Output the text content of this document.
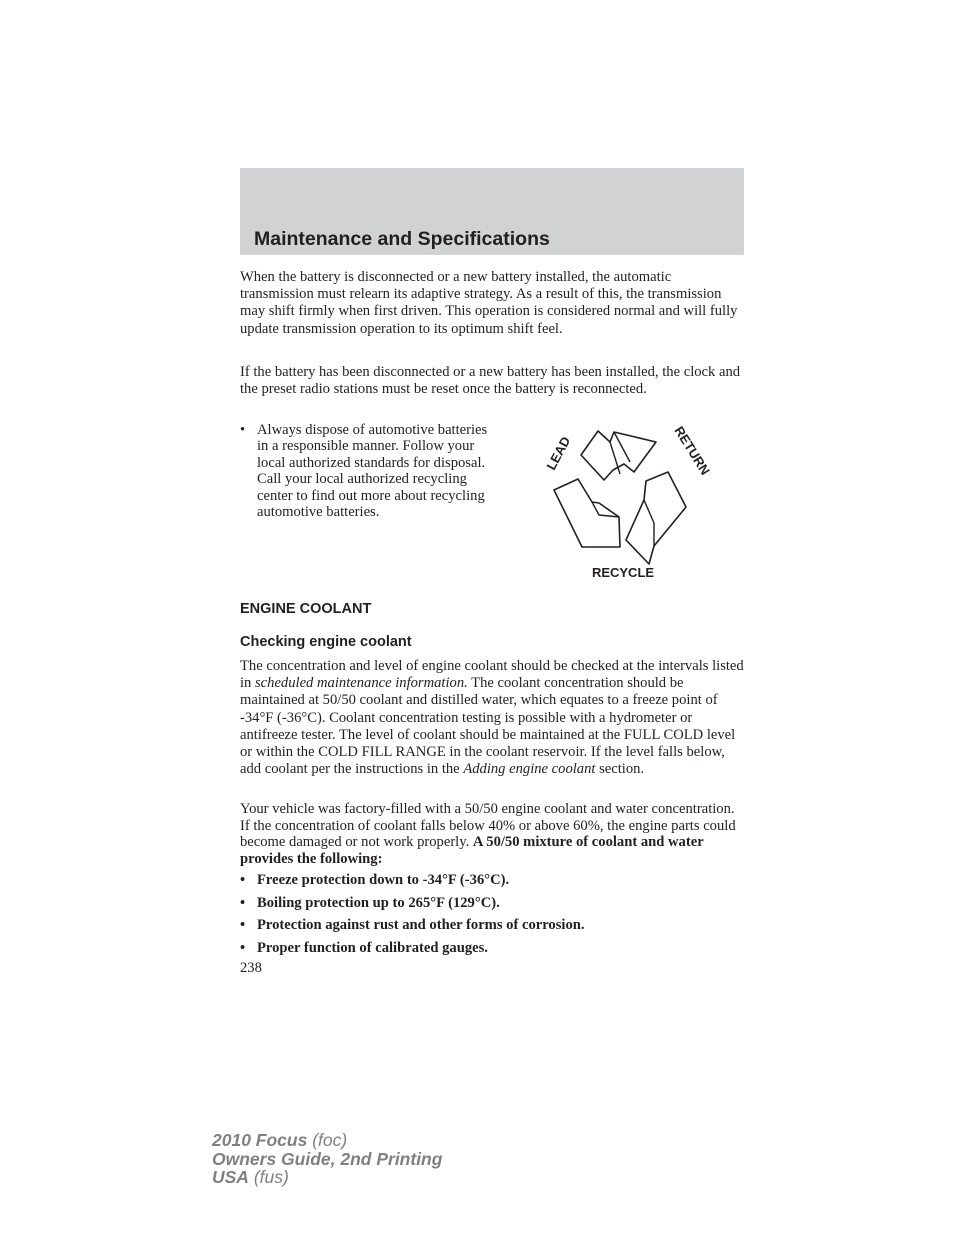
Maintenance and Specifications

When the battery is disconnected or a new battery installed, the automatic transmission must relearn its adaptive strategy. As a result of this, the transmission may shift firmly when first driven. This operation is considered normal and will fully update transmission operation to its optimum shift feel.

If the battery has been disconnected or a new battery has been installed, the clock and the preset radio stations must be reset once the battery is reconnected.

• Always dispose of automotive batteries in a responsible manner. Follow your local authorized standards for disposal. Call your local authorized recycling center to find out more about recycling automotive batteries.
LEAD	RETURN
RECYCLE
ENGINE COOLANT
Checking engine coolant

The concentration and level of engine coolant should be checked at the intervals listed in scheduled maintenance information. The coolant concentration should be maintained at 50/50 coolant and distilled water, which equates to a freeze point of -34°F (-36°C). Coolant concentration testing is possible with a hydrometer or antifreeze tester. The level of coolant should be maintained at the FULL COLD level or within the COLD FILL RANGE in the coolant reservoir. If the level falls below, add coolant per the instructions in the Adding engine coolant section.

Your vehicle was factory-filled with a 50/50 engine coolant and water concentration. If the concentration of coolant falls below 40% or above 60%, the engine parts could become damaged or not work properly. A 50/50 mixture of coolant and water provides the following:

• Freeze protection down to -34°F (-36°C).
• Boiling protection up to 265°F (129°C).
• Protection against rust and other forms of corrosion.
• Proper function of calibrated gauges.

238

2010 Focus (foc)
Owners Guide, 2nd Printing
USA (fus)
